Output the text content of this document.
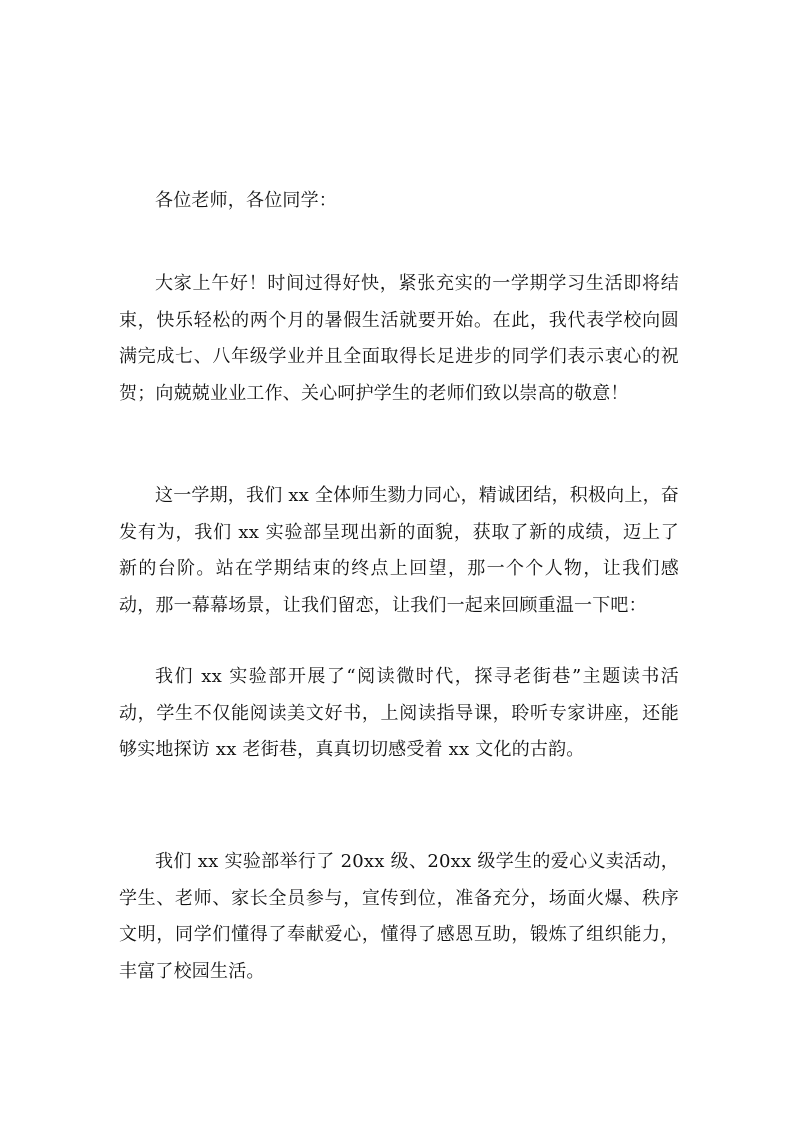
各位老师，各位同学：

大家上午好！时间过得好快，紧张充实的一学期学习生活即将结束，快乐轻松的两个月的暑假生活就要开始。在此，我代表学校向圆满完成七、八年级学业并且全面取得长足进步的同学们表示衷心的祝贺；向兢兢业业工作、关心呵护学生的老师们致以崇高的敬意！

这一学期，我们 xx 全体师生勠力同心，精诚团结，积极向上，奋发有为，我们 xx 实验部呈现出新的面貌，获取了新的成绩，迈上了新的台阶。站在学期结束的终点上回望，那一个个人物，让我们感动，那一幕幕场景，让我们留恋，让我们一起来回顾重温一下吧：

我们 xx 实验部开展了“阅读微时代，探寻老街巷”主题读书活动，学生不仅能阅读美文好书，上阅读指导课，聆听专家讲座，还能够实地探访 xx 老街巷，真真切切感受着 xx 文化的古韵。

我们 xx 实验部举行了 20xx 级、20xx 级学生的爱心义卖活动，学生、老师、家长全员参与，宣传到位，准备充分，场面火爆、秩序文明，同学们懂得了奉献爱心，懂得了感恩互助，锻炼了组织能力，丰富了校园生活。
